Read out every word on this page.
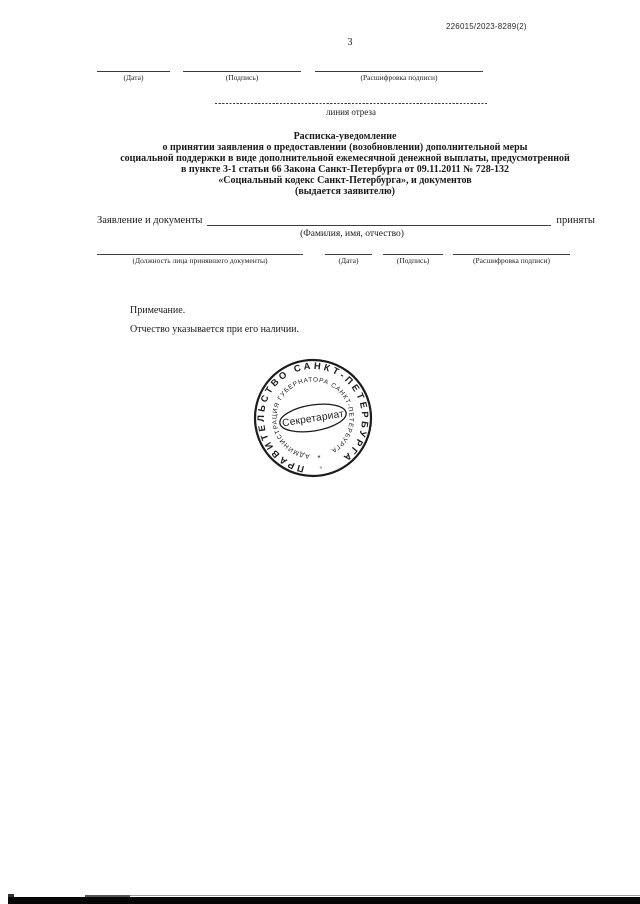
226015/2023-8289(2)
3
(Дата)	(Подпись)	(Расшифровка подписи)
линия отреза
Расписка-уведомление
о принятии заявления о предоставлении (возобновлении) дополнительной меры
социальной поддержки в виде дополнительной ежемесячной денежной выплаты, предусмотренной
в пункте 3-1 статьи 66 Закона Санкт-Петербурга от 09.11.2011 № 728-132
«Социальный кодекс Санкт-Петербурга», и документов
(выдается заявителю)
Заявление и документы	приняты
(Фамилия, имя, отчество)
(Должность лица принявшего документы)	(Дата)	(Подпись)	(Расшифровка подписи)
Примечание.
Отчество указывается при его наличии.
ПРАВИТЕЛЬСТВО САНКТ-ПЕТЕРБУРГА
АДМИНИСТРАЦИЯ ГУБЕРНАТОРА САНКТ-ПЕТЕРБУРГА
Секретариат
*
°
